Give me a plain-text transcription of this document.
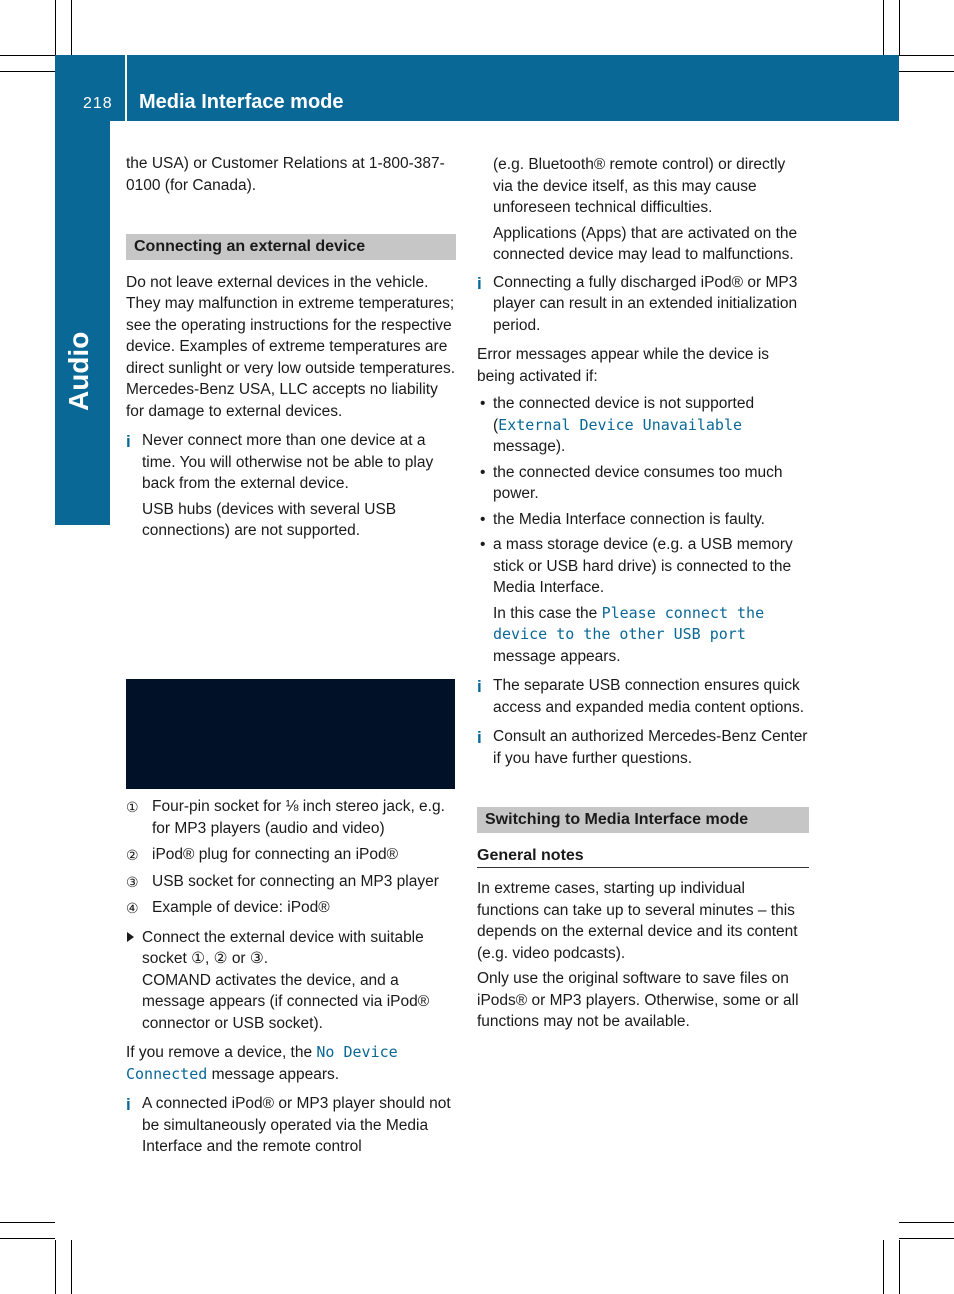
218 Media Interface mode
Audio

the USA) or Customer Relations at 1-800-387-0100 (for Canada).

Connecting an external device

Do not leave external devices in the vehicle. They may malfunction in extreme temperatures; see the operating instructions for the respective device. Examples of extreme temperatures are direct sunlight or very low outside temperatures. Mercedes-Benz USA, LLC accepts no liability for damage to external devices.

i Never connect more than one device at a time. You will otherwise not be able to play back from the external device.

USB hubs (devices with several USB connections) are not supported.

① Four-pin socket for ⅛ inch stereo jack, e.g. for MP3 players (audio and video)
② iPod® plug for connecting an iPod®
③ USB socket for connecting an MP3 player
④ Example of device: iPod®
Connect the external device with suitable socket ①, ② or ③.
COMAND activates the device, and a message appears (if connected via iPod® connector or USB socket).

If you remove a device, the No Device Connected message appears.

i A connected iPod® or MP3 player should not be simultaneously operated via the Media Interface and the remote control

(e.g. Bluetooth® remote control) or directly via the device itself, as this may cause unforeseen technical difficulties.

Applications (Apps) that are activated on the connected device may lead to malfunctions.

i Connecting a fully discharged iPod® or MP3 player can result in an extended initialization period.

Error messages appear while the device is being activated if:

• the connected device is not supported (External Device Unavailable message).
• the connected device consumes too much power.
• the Media Interface connection is faulty.
• a mass storage device (e.g. a USB memory stick or USB hard drive) is connected to the Media Interface.

In this case the Please connect the device to the other USB port message appears.

i The separate USB connection ensures quick access and expanded media content options.
i Consult an authorized Mercedes-Benz Center if you have further questions.
Switching to Media Interface mode
General notes

In extreme cases, starting up individual functions can take up to several minutes – this depends on the external device and its content (e.g. video podcasts).

Only use the original software to save files on iPods® or MP3 players. Otherwise, some or all functions may not be available.
